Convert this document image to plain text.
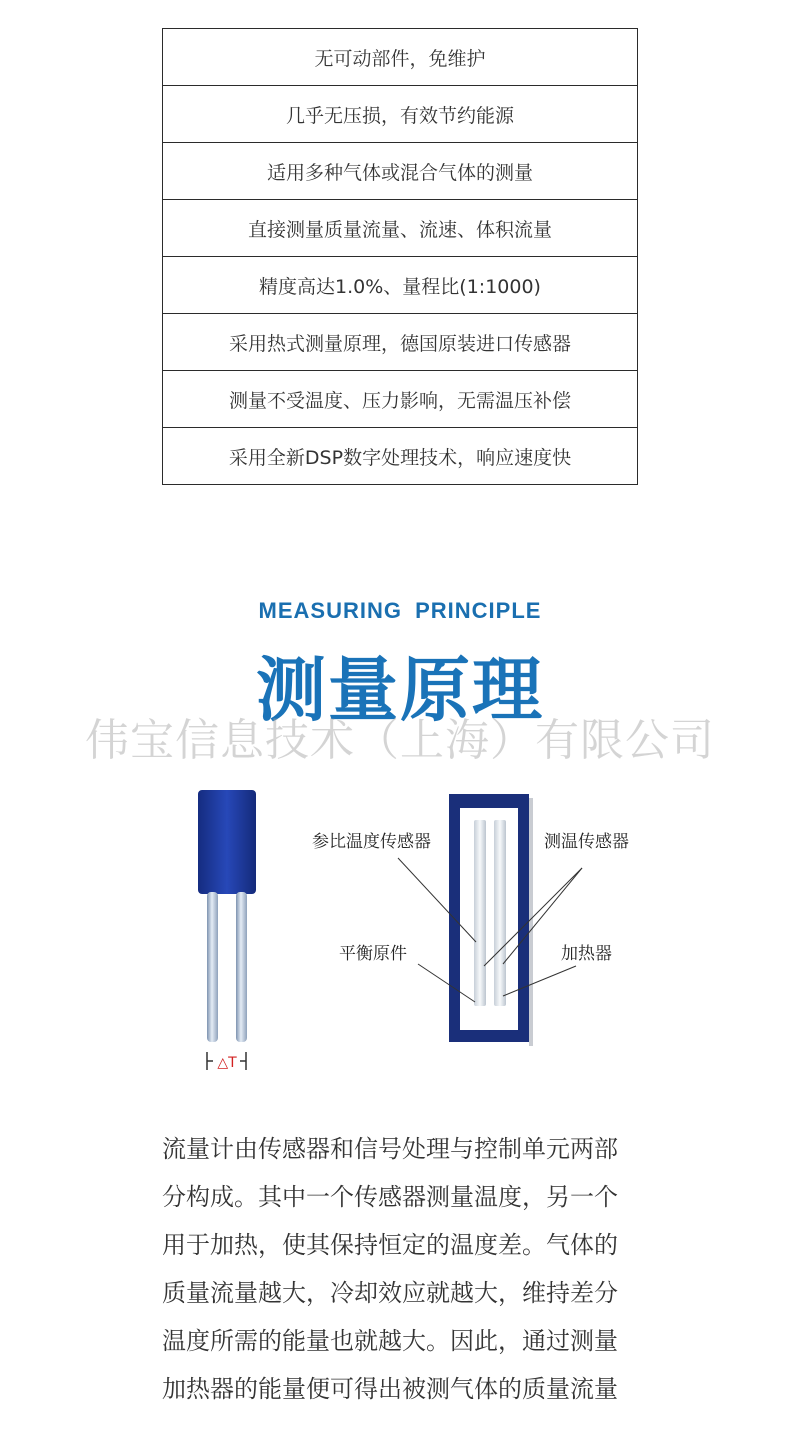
无可动部件，免维护
几乎无压损，有效节约能源
适用多种气体或混合气体的测量
直接测量质量流量、流速、体积流量
精度高达1.0%、量程比(1:1000)
采用热式测量原理，德国原装进口传感器
测量不受温度、压力影响，无需温压补偿
采用全新DSP数字处理技术，响应速度快
MEASURING PRINCIPLE
测量原理
伟宝信息技术（上海）有限公司
△T
参比温度传感器	测温传感器
平衡原件	加热器

流量计由传感器和信号处理与控制单元两部

分构成。其中一个传感器测量温度，另一个

用于加热，使其保持恒定的温度差。气体的

质量流量越大，冷却效应就越大，维持差分

温度所需的能量也就越大。因此，通过测量

加热器的能量便可得出被测气体的质量流量
